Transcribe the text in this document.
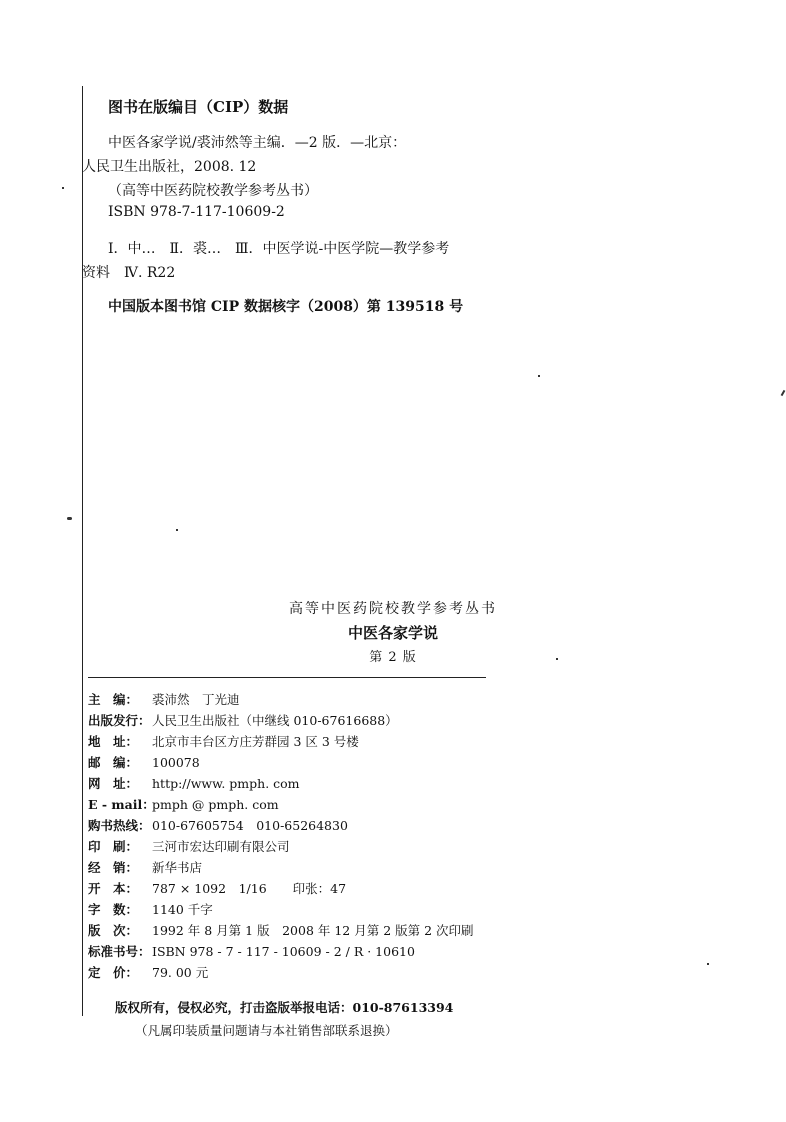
图书在版编目（CIP）数据
中医各家学说/裘沛然等主编．—2 版．—北京：
人民卫生出版社，2008. 12
（高等中医药院校教学参考丛书）
ISBN 978-7-117-10609-2
Ⅰ．中…　Ⅱ．裘…　Ⅲ．中医学说-中医学院—教学参考
资料　Ⅳ. R22
中国版本图书馆 CIP 数据核字（2008）第 139518 号
高等中医药院校教学参考丛书
中医各家学说
第 2 版
主　编： 裘沛然　丁光迪
出版发行：人民卫生出版社（中继线 010-67616688）
地　址： 北京市丰台区方庄芳群园 3 区 3 号楼
邮　编： 100078
网　址： http://www. pmph. com
E - mail：pmph @ pmph. com
购书热线：010-67605754　010-65264830
印　刷： 三河市宏达印刷有限公司
经　销： 新华书店
开　本： 787 × 1092　1/16 印张：47
字　数： 1140 千字
版　次： 1992 年 8 月第 1 版　2008 年 12 月第 2 版第 2 次印刷
标准书号：ISBN 978 - 7 - 117 - 10609 - 2 / R · 10610
定　价： 79. 00 元
版权所有，侵权必究，打击盗版举报电话：010-87613394
（凡属印装质量问题请与本社销售部联系退换）
